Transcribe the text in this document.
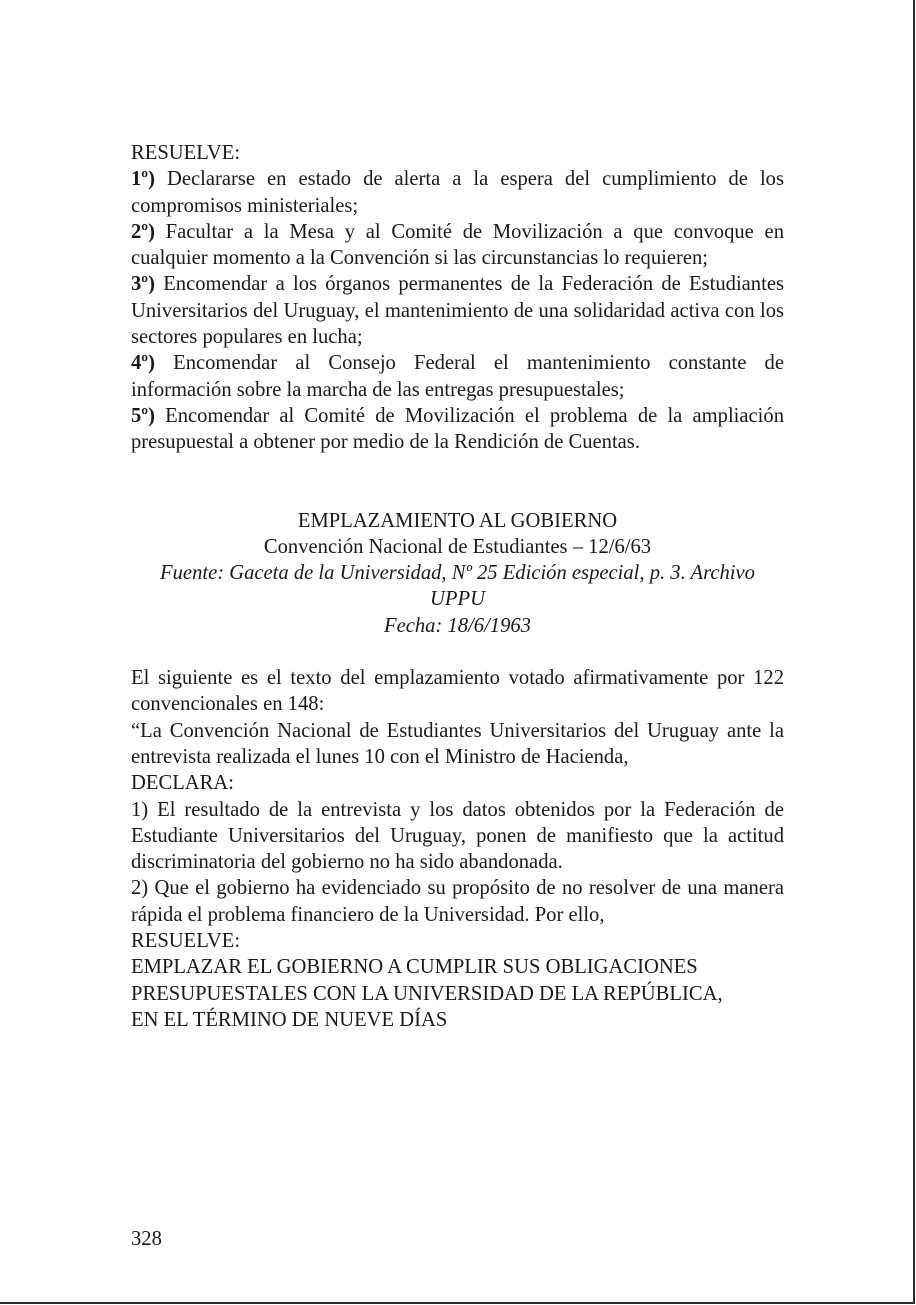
RESUELVE:

1º) Declararse en estado de alerta a la espera del cumplimiento de los compromisos ministeriales;

2º) Facultar a la Mesa y al Comité de Movilización a que convoque en cualquier momento a la Convención si las circunstancias lo requieren;

3º) Encomendar a los órganos permanentes de la Federación de Estudiantes Universitarios del Uruguay, el mantenimiento de una solidaridad activa con los sectores populares en lucha;

4º) Encomendar al Consejo Federal el mantenimiento constante de información sobre la marcha de las entregas presupuestales;

5º) Encomendar al Comité de Movilización el problema de la ampliación presupuestal a obtener por medio de la Rendición de Cuentas.

EMPLAZAMIENTO AL GOBIERNO

Convención Nacional de Estudiantes – 12/6/63

Fuente: Gaceta de la Universidad, Nº 25 Edición especial, p. 3. Archivo UPPU

Fecha: 18/6/1963

El siguiente es el texto del emplazamiento votado afirmativamente por 122 convencionales en 148:

“La Convención Nacional de Estudiantes Universitarios del Uruguay ante la entrevista realizada el lunes 10 con el Ministro de Hacienda,

DECLARA:

1) El resultado de la entrevista y los datos obtenidos por la Federación de Estudiante Universitarios del Uruguay, ponen de manifiesto que la actitud discriminatoria del gobierno no ha sido abandonada.

2) Que el gobierno ha evidenciado su propósito de no resolver de una manera rápida el problema financiero de la Universidad. Por ello,

RESUELVE:

EMPLAZAR EL GOBIERNO A CUMPLIR SUS OBLIGACIONES

PRESUPUESTALES CON LA UNIVERSIDAD DE LA REPÚBLICA,

EN EL TÉRMINO DE NUEVE DÍAS

328
